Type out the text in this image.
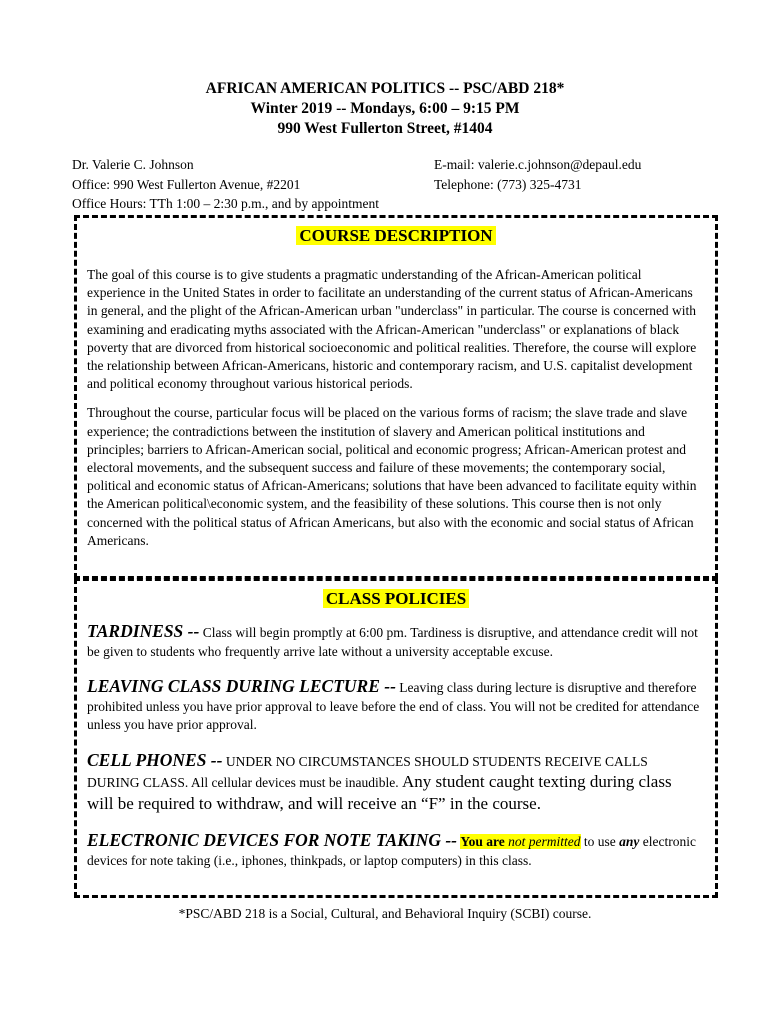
AFRICAN AMERICAN POLITICS -- PSC/ABD 218*
Winter 2019 -- Mondays, 6:00 – 9:15 PM
990 West Fullerton Street, #1404
Dr. Valerie C. Johnson
Office: 990 West Fullerton Avenue, #2201
Office Hours: TTh 1:00 – 2:30 p.m., and by appointment
E-mail: valerie.c.johnson@depaul.edu
Telephone: (773) 325-4731
COURSE DESCRIPTION
The goal of this course is to give students a pragmatic understanding of the African-American political experience in the United States in order to facilitate an understanding of the current status of African-Americans in general, and the plight of the African-American urban "underclass" in particular. The course is concerned with examining and eradicating myths associated with the African-American "underclass" or explanations of black poverty that are divorced from historical socioeconomic and political realities. Therefore, the course will explore the relationship between African-Americans, historic and contemporary racism, and U.S. capitalist development and political economy throughout various historical periods.
Throughout the course, particular focus will be placed on the various forms of racism; the slave trade and slave experience; the contradictions between the institution of slavery and American political institutions and principles; barriers to African-American social, political and economic progress; African-American protest and electoral movements, and the subsequent success and failure of these movements; the contemporary social, political and economic status of African-Americans; solutions that have been advanced to facilitate equity within the American political\economic system, and the feasibility of these solutions. This course then is not only concerned with the political status of African Americans, but also with the economic and social status of African Americans.
CLASS POLICIES
TARDINESS -- Class will begin promptly at 6:00 pm. Tardiness is disruptive, and attendance credit will not be given to students who frequently arrive late without a university acceptable excuse.
LEAVING CLASS DURING LECTURE -- Leaving class during lecture is disruptive and therefore prohibited unless you have prior approval to leave before the end of class. You will not be credited for attendance unless you have prior approval.
CELL PHONES -- UNDER NO CIRCUMSTANCES SHOULD STUDENTS RECEIVE CALLS DURING CLASS. All cellular devices must be inaudible. Any student caught texting during class will be required to withdraw, and will receive an “F” in the course.
ELECTRONIC DEVICES FOR NOTE TAKING -- You are not permitted to use any electronic devices for note taking (i.e., iphones, thinkpads, or laptop computers) in this class.
*PSC/ABD 218 is a Social, Cultural, and Behavioral Inquiry (SCBI) course.
